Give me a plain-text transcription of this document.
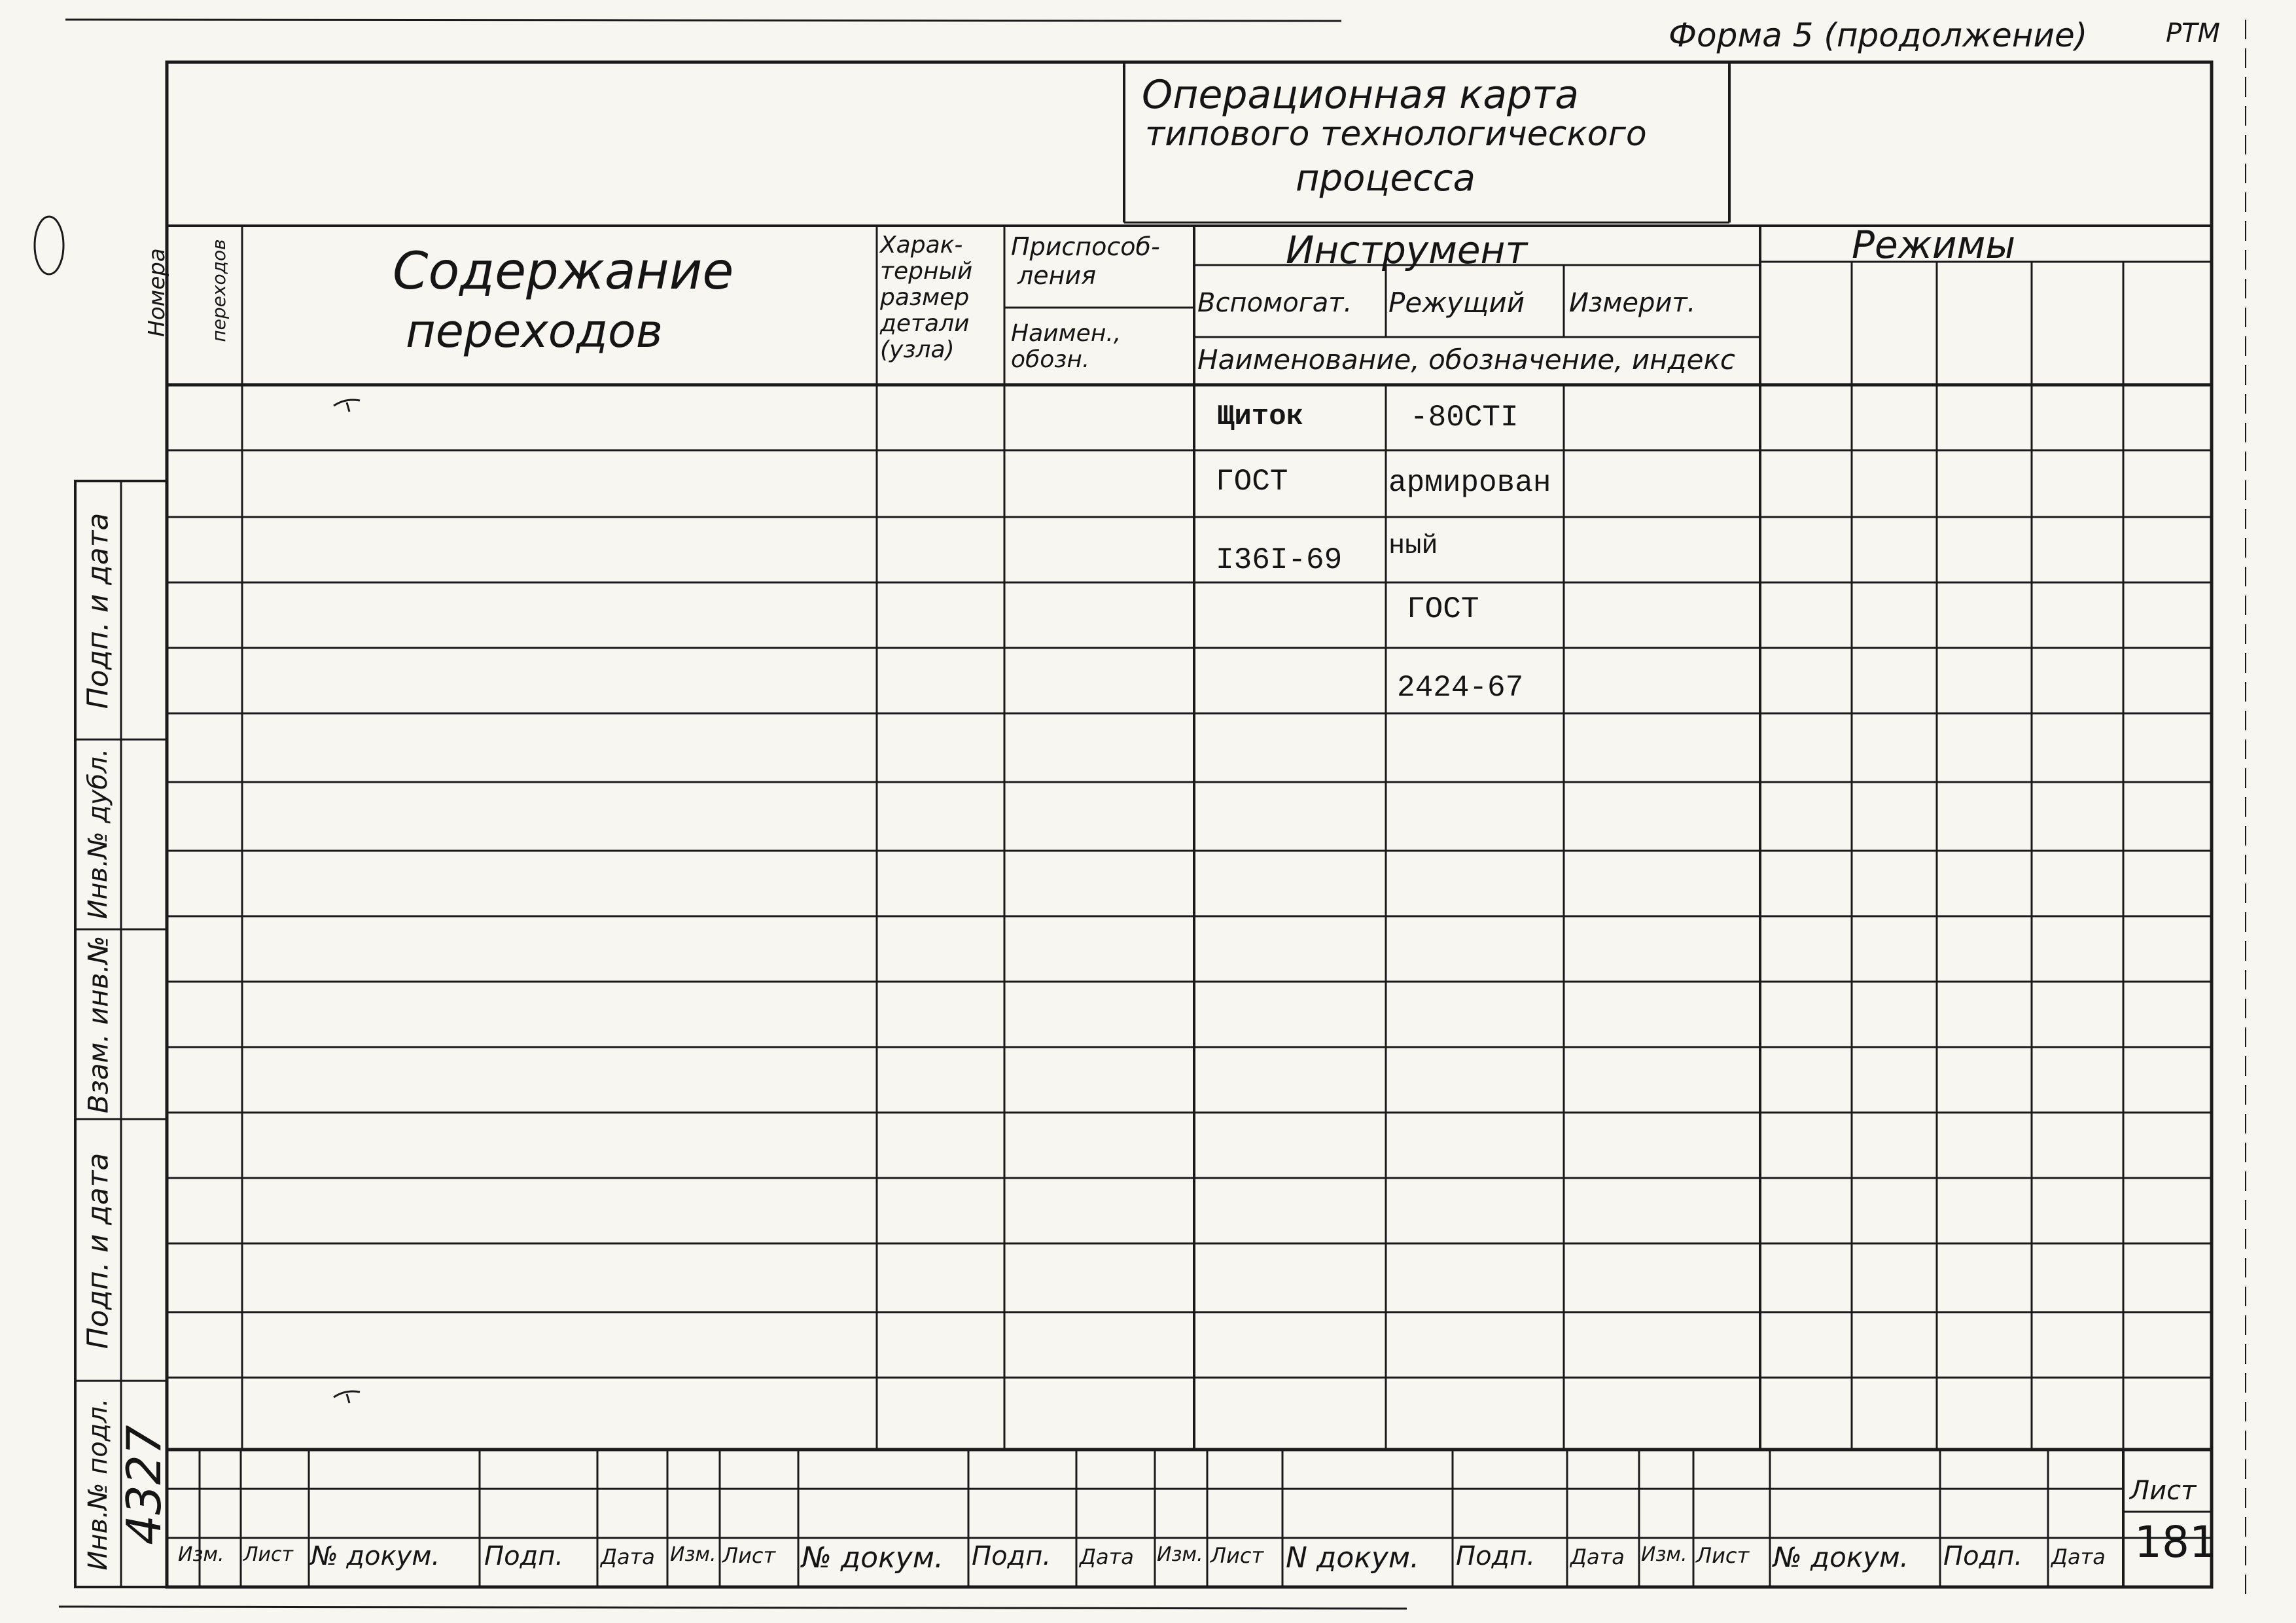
Форма 5 (продолжение)	РТМ
Операционная карта
типового технологического
процесса
Номера переходов	Содержание
переходов
Харак-
терный
размер
детали
(узла)
Приспособ-
ления
Наимен.,
обозн.
Инструмент
Вспомогат. Режущий Измерит.
Наименование, обозначение, индекс
Режимы
Щиток
ГОСТ
I36I-69
-80СТI
армирован
ный
ГОСТ
2424-67
Инв.№ подл. 4327
Подп. и дата
Взам. инв.№
Инв.№ дубл.
Подп. и дата
Изм. Лист № докум. Подп. Дата Изм. Лист № докум. Подп. Дата Изм. Лист N докум. Подп. Дата Изм. Лист № докум. Подп. Дата
Лист
181
